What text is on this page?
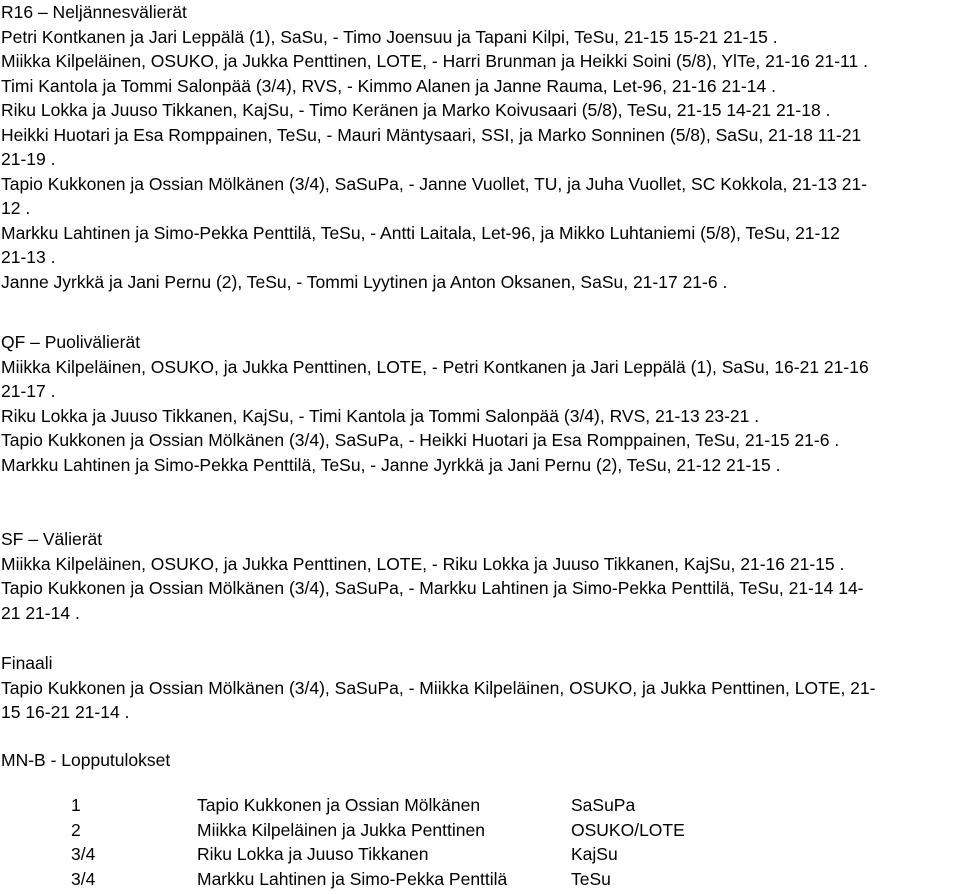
R16 – Neljännesvälierät
Petri Kontkanen ja Jari Leppälä (1), SaSu, - Timo Joensuu ja Tapani Kilpi, TeSu, 21-15 15-21 21-15 .
Miikka Kilpeläinen, OSUKO, ja Jukka Penttinen, LOTE, - Harri Brunman ja Heikki Soini (5/8), YlTe, 21-16 21-11 .
Timi Kantola ja Tommi Salonpää (3/4), RVS, - Kimmo Alanen ja Janne Rauma, Let-96, 21-16 21-14 .
Riku Lokka ja Juuso Tikkanen, KajSu, - Timo Keränen ja Marko Koivusaari (5/8), TeSu, 21-15 14-21 21-18 .
Heikki Huotari ja Esa Romppainen, TeSu, - Mauri Mäntysaari, SSI, ja Marko Sonninen (5/8), SaSu, 21-18 11-21
21-19 .
Tapio Kukkonen ja Ossian Mölkänen (3/4), SaSuPa, - Janne Vuollet, TU, ja Juha Vuollet, SC Kokkola, 21-13 21-
12 .
Markku Lahtinen ja Simo-Pekka Penttilä, TeSu, - Antti Laitala, Let-96, ja Mikko Luhtaniemi (5/8), TeSu, 21-12
21-13 .
Janne Jyrkkä ja Jani Pernu (2), TeSu, - Tommi Lyytinen ja Anton Oksanen, SaSu, 21-17 21-6 .
QF – Puolivälierät
Miikka Kilpeläinen, OSUKO, ja Jukka Penttinen, LOTE, - Petri Kontkanen ja Jari Leppälä (1), SaSu, 16-21 21-16
21-17 .
Riku Lokka ja Juuso Tikkanen, KajSu, - Timi Kantola ja Tommi Salonpää (3/4), RVS, 21-13 23-21 .
Tapio Kukkonen ja Ossian Mölkänen (3/4), SaSuPa, - Heikki Huotari ja Esa Romppainen, TeSu, 21-15 21-6 .
Markku Lahtinen ja Simo-Pekka Penttilä, TeSu, - Janne Jyrkkä ja Jani Pernu (2), TeSu, 21-12 21-15 .
SF – Välierät
Miikka Kilpeläinen, OSUKO, ja Jukka Penttinen, LOTE, - Riku Lokka ja Juuso Tikkanen, KajSu, 21-16 21-15 .
Tapio Kukkonen ja Ossian Mölkänen (3/4), SaSuPa, - Markku Lahtinen ja Simo-Pekka Penttilä, TeSu, 21-14 14-
21 21-14 .
Finaali
Tapio Kukkonen ja Ossian Mölkänen (3/4), SaSuPa, - Miikka Kilpeläinen, OSUKO, ja Jukka Penttinen, LOTE, 21-
15 16-21 21-14 .
MN-B - Lopputulokset
1	Tapio Kukkonen ja Ossian Mölkänen	SaSuPa
2	Miikka Kilpeläinen ja Jukka Penttinen	OSUKO/LOTE
3/4	Riku Lokka ja Juuso Tikkanen	KajSu
3/4	Markku Lahtinen ja Simo-Pekka Penttilä	TeSu
